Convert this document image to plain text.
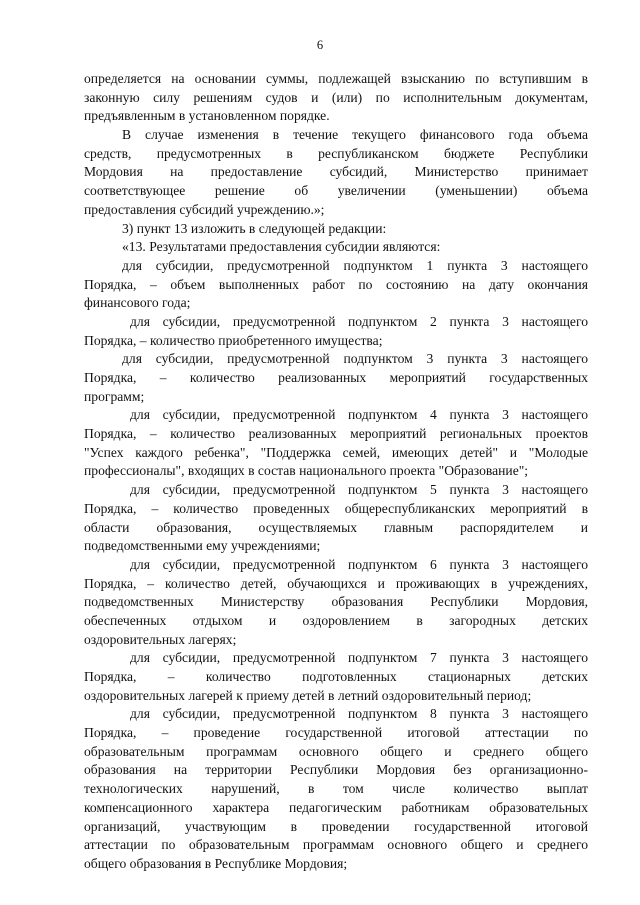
6
определяется на основании суммы, подлежащей взысканию по вступившим в
законную силу решениям судов и (или) по исполнительным документам,
предъявленным в установленном порядке.
В случае изменения в течение текущего финансового года объема
средств, предусмотренных в республиканском бюджете Республики
Мордовия на предоставление субсидий, Министерство принимает
соответствующее решение об увеличении (уменьшении) объема
предоставления субсидий учреждению.»;
3) пункт 13 изложить в следующей редакции:
«13. Результатами предоставления субсидии являются:
для субсидии, предусмотренной подпунктом 1 пункта 3 настоящего
Порядка, – объем выполненных работ по состоянию на дату окончания
финансового года;
для субсидии, предусмотренной подпунктом 2 пункта 3 настоящего
Порядка, – количество приобретенного имущества;
для субсидии, предусмотренной подпунктом 3 пункта 3 настоящего
Порядка, – количество реализованных мероприятий государственных
программ;
для субсидии, предусмотренной подпунктом 4 пункта 3 настоящего
Порядка, – количество реализованных мероприятий региональных проектов
"Успех каждого ребенка", "Поддержка семей, имеющих детей" и "Молодые
профессионалы", входящих в состав национального проекта "Образование";
для субсидии, предусмотренной подпунктом 5 пункта 3 настоящего
Порядка, – количество проведенных общереспубликанских мероприятий в
области образования, осуществляемых главным распорядителем и
подведомственными ему учреждениями;
для субсидии, предусмотренной подпунктом 6 пункта 3 настоящего
Порядка, – количество детей, обучающихся и проживающих в учреждениях,
подведомственных Министерству образования Республики Мордовия,
обеспеченных отдыхом и оздоровлением в загородных детских
оздоровительных лагерях;
для субсидии, предусмотренной подпунктом 7 пункта 3 настоящего
Порядка, – количество подготовленных стационарных детских
оздоровительных лагерей к приему детей в летний оздоровительный период;
для субсидии, предусмотренной подпунктом 8 пункта 3 настоящего
Порядка, – проведение государственной итоговой аттестации по
образовательным программам основного общего и среднего общего
образования на территории Республики Мордовия без организационно-
технологических нарушений, в том числе количество выплат
компенсационного характера педагогическим работникам образовательных
организаций, участвующим в проведении государственной итоговой
аттестации по образовательным программам основного общего и среднего
общего образования в Республике Мордовия;
